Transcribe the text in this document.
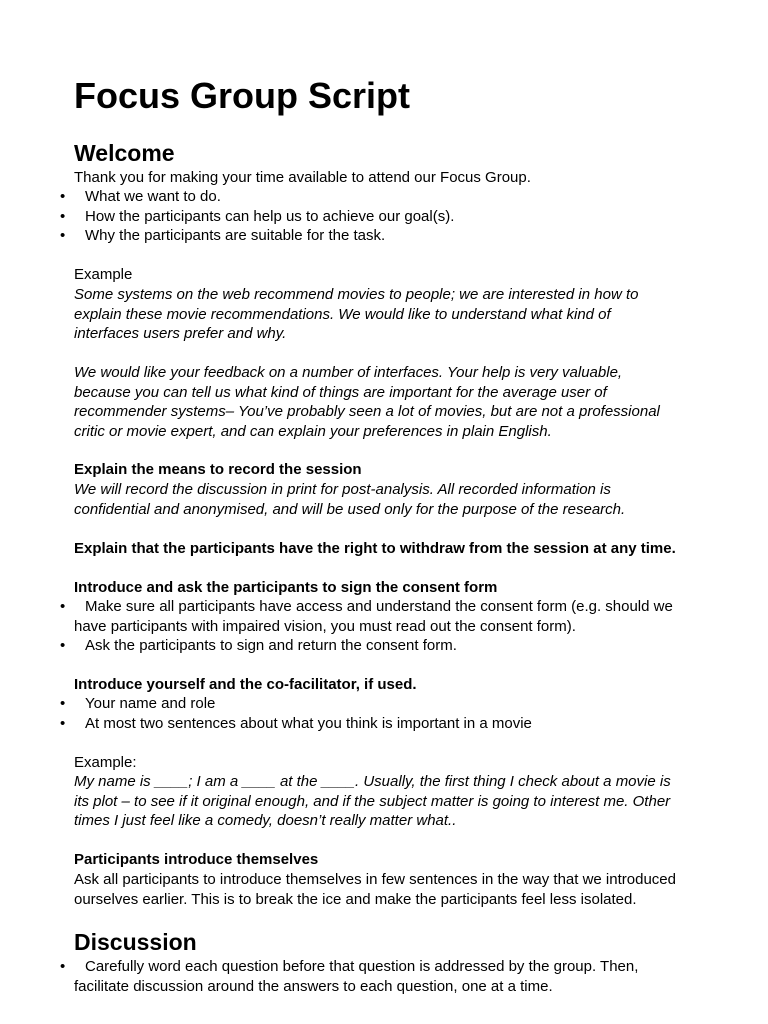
Focus Group Script
Welcome
Thank you for making your time available to attend our Focus Group.
• What we want to do.
• How the participants can help us to achieve our goal(s).
• Why the participants are suitable for the task.
Example
Some systems on the web recommend movies to people; we are interested in how to
explain these movie recommendations. We would like to understand what kind of
interfaces users prefer and why.
We would like your feedback on a number of interfaces. Your help is very valuable,
because you can tell us what kind of things are important for the average user of
recommender systems– You’ve probably seen a lot of movies, but are not a professional
critic or movie expert, and can explain your preferences in plain English.
Explain the means to record the session
We will record the discussion in print for post-analysis. All recorded information is
confidential and anonymised, and will be used only for the purpose of the research.
Explain that the participants have the right to withdraw from the session at any time.
Introduce and ask the participants to sign the consent form
•	Make sure all participants have access and understand the consent form (e.g. should we
have participants with impaired vision, you must read out the consent form).
• Ask the participants to sign and return the consent form.
Introduce yourself and the co-facilitator, if used.
• Your name and role
• At most two sentences about what you think is important in a movie
Example:
My name is ____; I am a ____ at the ____. Usually, the first thing I check about a movie is
its plot – to see if it original enough, and if the subject matter is going to interest me. Other
times I just feel like a comedy, doesn’t really matter what..
Participants introduce themselves
Ask all participants to introduce themselves in few sentences in the way that we introduced
ourselves earlier. This is to break the ice and make the participants feel less isolated.
Discussion
•	Carefully word each question before that question is addressed by the group. Then,
facilitate discussion around the answers to each question, one at a time.
